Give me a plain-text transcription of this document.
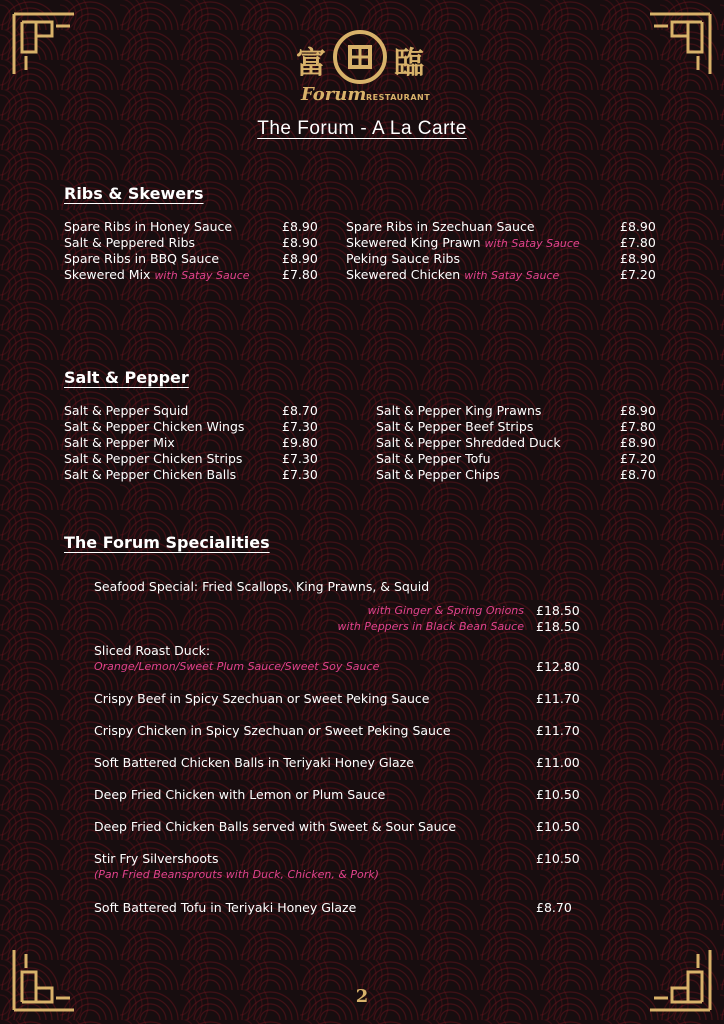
富 臨
Forum RESTAURANT
The Forum - A La Carte
Ribs & Skewers
Spare Ribs in Honey Sauce	£8.90
Salt & Peppered Ribs	£8.90
Spare Ribs in BBQ Sauce	£8.90
Skewered Mix with Satay Sauce	£7.80
Spare Ribs in Szechuan Sauce	£8.90
Skewered King Prawn with Satay Sauce	£7.80
Peking Sauce Ribs	£8.90
Skewered Chicken with Satay Sauce	£7.20
Salt & Pepper
Salt & Pepper Squid	£8.70
Salt & Pepper Chicken Wings	£7.30
Salt & Pepper Mix	£9.80
Salt & Pepper Chicken Strips	£7.30
Salt & Pepper Chicken Balls	£7.30
Salt & Pepper King Prawns	£8.90
Salt & Pepper Beef Strips	£7.80
Salt & Pepper Shredded Duck	£8.90
Salt & Pepper Tofu	£7.20
Salt & Pepper Chips	£8.70
The Forum Specialities
Seafood Special: Fried Scallops, King Prawns, & Squid
with Ginger & Spring Onions £18.50
with Peppers in Black Bean Sauce £18.50
Sliced Roast Duck:
Orange/Lemon/Sweet Plum Sauce/Sweet Soy Sauce	£12.80
Crispy Beef in Spicy Szechuan or Sweet Peking Sauce	£11.70
Crispy Chicken in Spicy Szechuan or Sweet Peking Sauce	£11.70
Soft Battered Chicken Balls in Teriyaki Honey Glaze	£11.00
Deep Fried Chicken with Lemon or Plum Sauce	£10.50
Deep Fried Chicken Balls served with Sweet & Sour Sauce	£10.50
Stir Fry Silvershoots	£10.50
(Pan Fried Beansprouts with Duck, Chicken, & Pork)
Soft Battered Tofu in Teriyaki Honey Glaze	£8.70
2
